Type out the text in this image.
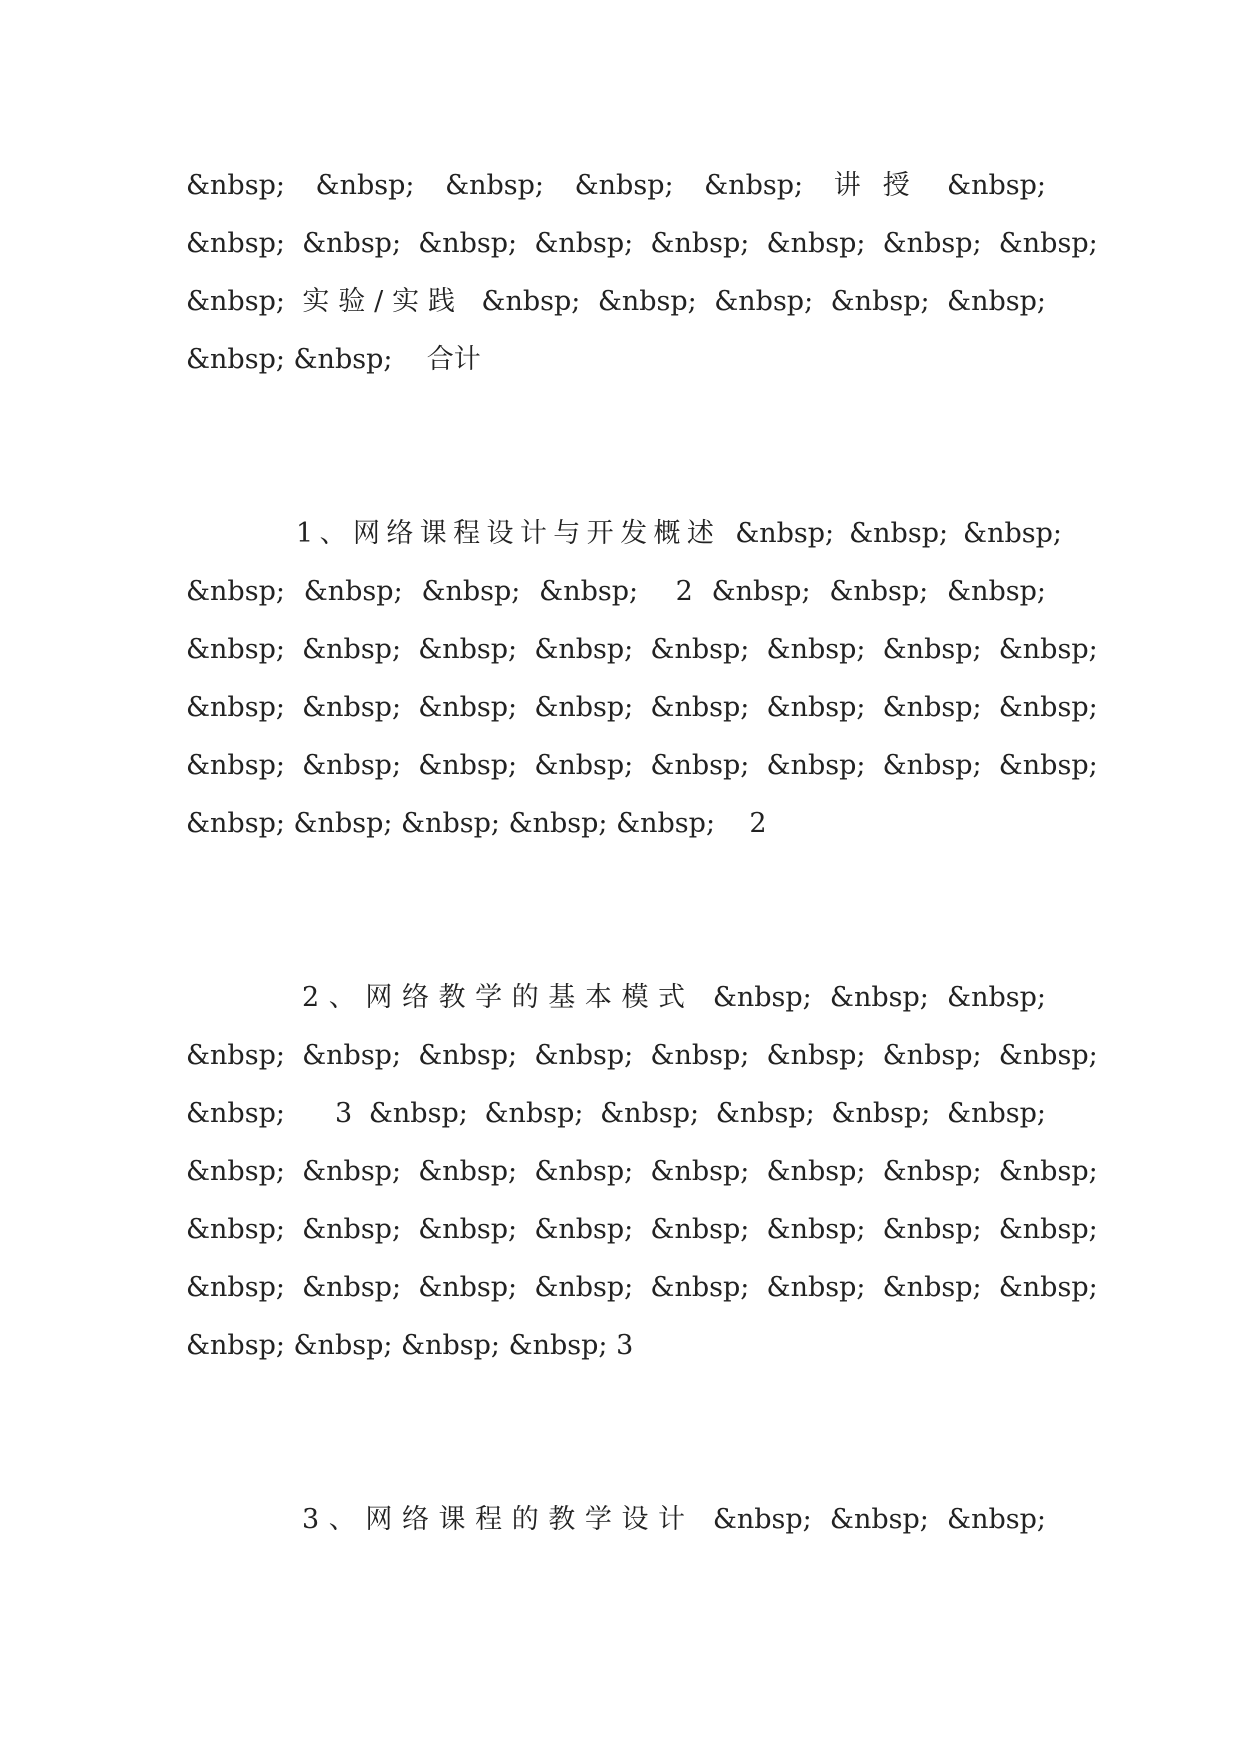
&nbsp;  &nbsp;  &nbsp;  &nbsp;  &nbsp;  讲 授  &nbsp;
&nbsp;  &nbsp;  &nbsp;  &nbsp;  &nbsp;  &nbsp;  &nbsp;  &nbsp;
&nbsp; 实验/实践 &nbsp; &nbsp; &nbsp; &nbsp; &nbsp;
&nbsp; &nbsp;    合计
1、网络课程设计与开发概述 &nbsp; &nbsp; &nbsp;
&nbsp; &nbsp; &nbsp; &nbsp;  2 &nbsp; &nbsp; &nbsp;
&nbsp;  &nbsp;  &nbsp;  &nbsp;  &nbsp;  &nbsp;  &nbsp;  &nbsp;
&nbsp;  &nbsp;  &nbsp;  &nbsp;  &nbsp;  &nbsp;  &nbsp;  &nbsp;
&nbsp;  &nbsp;  &nbsp;  &nbsp;  &nbsp;  &nbsp;  &nbsp;  &nbsp;
&nbsp; &nbsp; &nbsp; &nbsp; &nbsp;    2
2、网络教学的基本模式 &nbsp; &nbsp; &nbsp;
&nbsp;  &nbsp;  &nbsp;  &nbsp;  &nbsp;  &nbsp;  &nbsp;  &nbsp;
&nbsp;   3 &nbsp; &nbsp; &nbsp; &nbsp; &nbsp; &nbsp;
&nbsp;  &nbsp;  &nbsp;  &nbsp;  &nbsp;  &nbsp;  &nbsp;  &nbsp;
&nbsp;  &nbsp;  &nbsp;  &nbsp;  &nbsp;  &nbsp;  &nbsp;  &nbsp;
&nbsp;  &nbsp;  &nbsp;  &nbsp;  &nbsp;  &nbsp;  &nbsp;  &nbsp;
&nbsp; &nbsp; &nbsp; &nbsp; 3
3、网络课程的教学设计 &nbsp; &nbsp; &nbsp;
